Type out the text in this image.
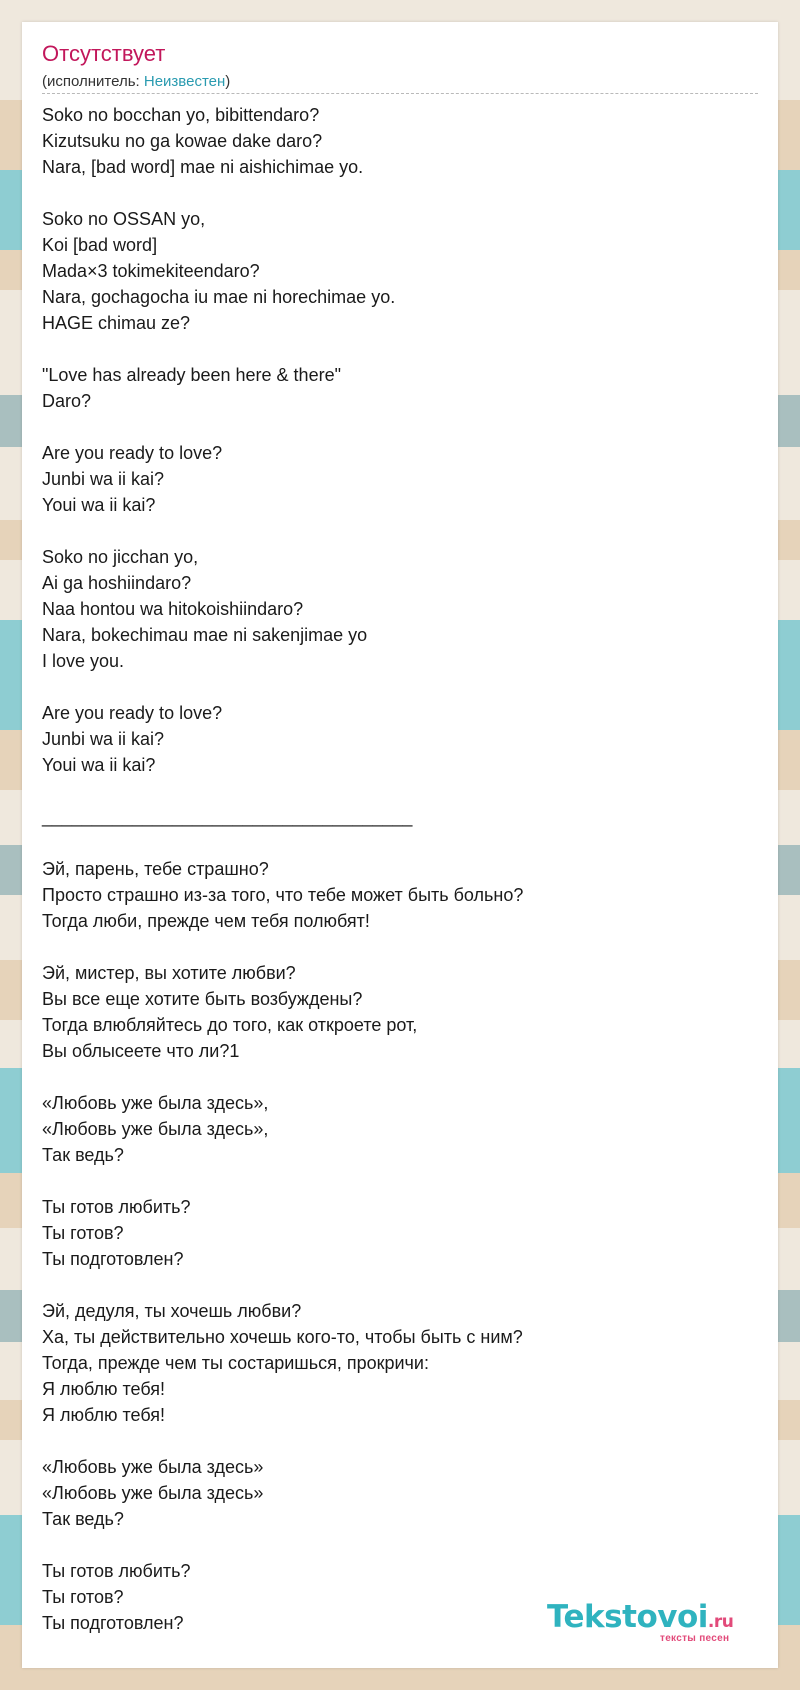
Отсутствует
(исполнитель: Неизвестен)
Soko no bocchan yo, bibittendaro?
Kizutsuku no ga kowae dake daro?
Nara, [bad word] mae ni aishichimae yo.
Soko no OSSAN yo,
Koi [bad word]
Mada×3 tokimekiteendaro?
Nara, gochagocha iu mae ni horechimae yo.
HAGE chimau ze?
"Love has already been here & there"
Daro?
Are you ready to love?
Junbi wa ii kai?
Youi wa ii kai?
Soko no jicchan yo,
Ai ga hoshiindaro?
Naa hontou wa hitokoishiindaro?
Nara, bokechimau mae ni sakenjimae yo
I love you.
Are you ready to love?
Junbi wa ii kai?
Youi wa ii kai?
_____________________________________
Эй, парень, тебе страшно?
Просто страшно из-за того, что тебе может быть больно?
Тогда люби, прежде чем тебя полюбят!
Эй, мистер, вы хотите любви?
Вы все еще хотите быть возбуждены?
Тогда влюбляйтесь до того, как откроете рот,
Вы облысеете что ли?1
«Любовь уже была здесь»,
«Любовь уже была здесь»,
Так ведь?
Ты готов любить?
Ты готов?
Ты подготовлен?
Эй, дедуля, ты хочешь любви?
Ха, ты действительно хочешь кого-то, чтобы быть с ним?
Тогда, прежде чем ты состаришься, прокричи:
Я люблю тебя!
Я люблю тебя!
«Любовь уже была здесь»
«Любовь уже была здесь»
Так ведь?
Ты готов любить?
Ты готов?
Ты подготовлен?	Tekstovoi.ru
тексты песен
